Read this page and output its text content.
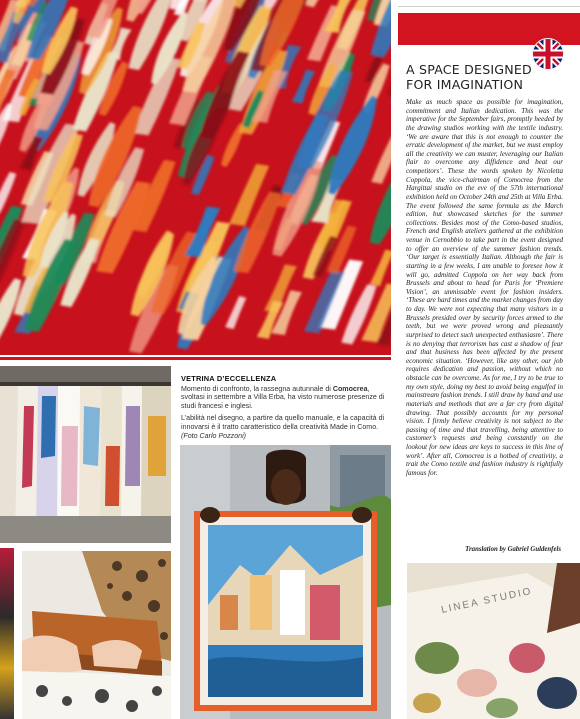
VETRINA D’ECCELLENZA

Momento di confronto, la rassegna autunnale di Comocrea, svoltasi in settembre a Villa Erba, ha visto numerose presenze di studi francesi e inglesi.

L’abilità nel disegno, a partire da quello manuale, e la capacità di innovarsi è il tratto caratteristico della creatività Made in Como. (Foto Carlo Pozzoni)

LINEA STUDIO
A SPACE DESIGNED FOR IMAGINATION

Make as much space as possible for imagination, commitment and Italian dedication. This was the imperative for the September fairs, promptly heeded by the drawing studios working with the textile industry. ‘We are aware that this is not enough to counter the erratic development of the market, but we must employ all the creativity we can muster, leveraging our Italian flair to overcome any diffidence and beat our competitors’. These the words spoken by Nicoletta Coppola, the vice-chairman of Comocrea from the Hargittai studio on the eve of the 57th international exhibition held on October 24th and 25th at Villa Erba. The event followed the same formula as the March edition, but showcased sketches for the summer collections. Besides most of the Como-based studios, French and English ateliers gathered at the exhibition venue in Cernobbio to take part in the event designed to offer an overview of the summer fashion trends. ‘Our target is essentially Italian. Although the fair is starting in a few weeks, I am unable to foresee how it will go, admitted Coppola on her way back from Brussels and about to head for Paris for ‘Premiere Vision’, an unmissable event for fashion insiders. ‘These are hard times and the market changes from day to day. We were not expecting that many visitors in a Brussels presided over by security forces armed to the teeth, but we were proved wrong and pleasantly surprised to detect such unexpected enthusiasm’. There is no denying that terrorism has cast a shadow of fear and that business has been affected by the present economic situation. ‘However, like any other, our job requires dedication and passion, without which no obstacle can be overcome. As for me, I try to be true to my own style, doing my best to avoid being engulfed in mainstream fashion trends. I still draw by hand and use materials and methods that are a far cry from digital drawing. That possibly accounts for my personal vision. I firmly believe creativity is not subject to the passing of time and that travelling, being attentive to customer’s requests and being constantly on the lookout for new ideas are keys to success in this line of work’. After all, Comocrea is a hotbed of creativity, a trait the Como textile and fashion industry is rightfully famous for.

Translation by Gabriel Guldenfels
